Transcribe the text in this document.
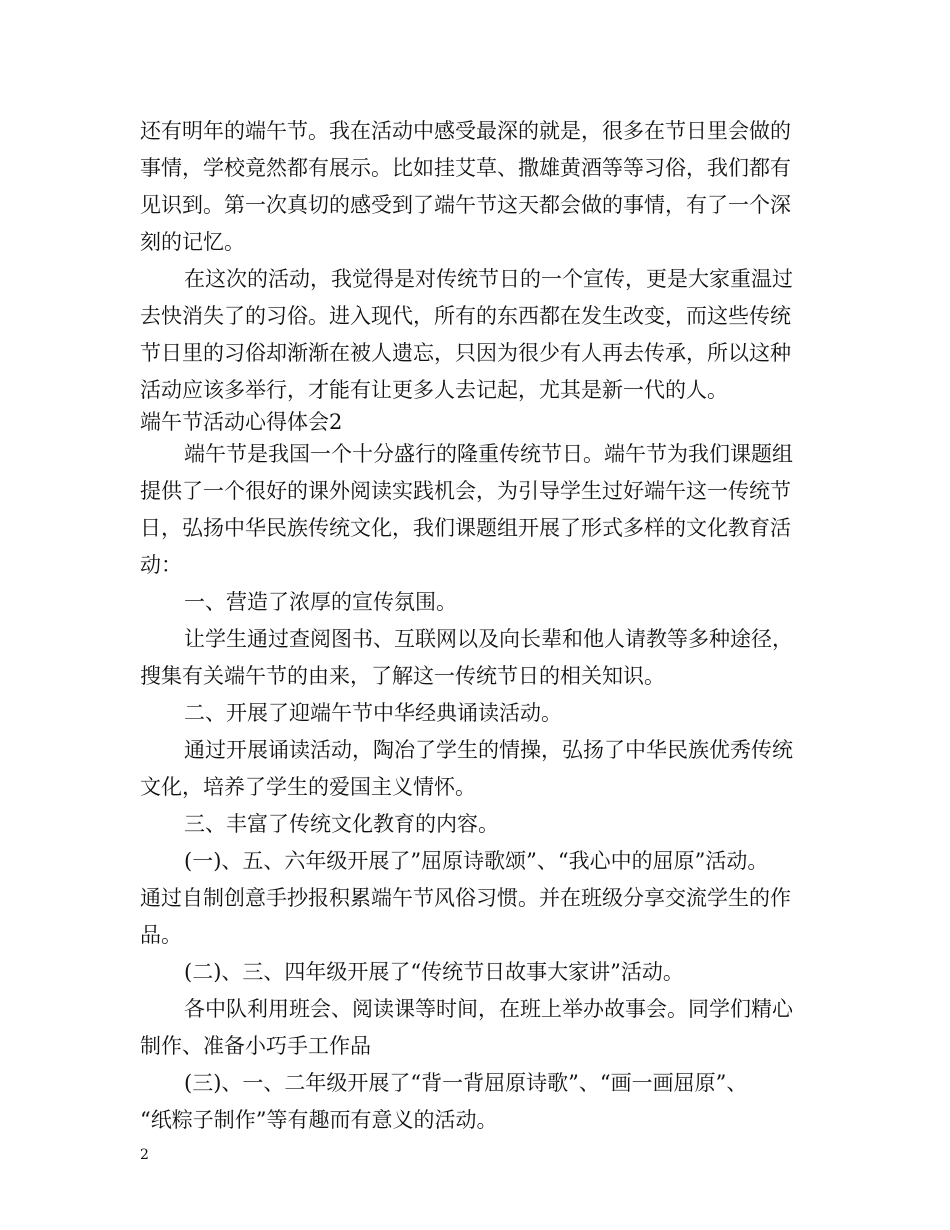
还有明年的端午节。我在活动中感受最深的就是，很多在节日里会做的
事情，学校竟然都有展示。比如挂艾草、撒雄黄酒等等习俗，我们都有
见识到。第一次真切的感受到了端午节这天都会做的事情，有了一个深
刻的记忆。
在这次的活动，我觉得是对传统节日的一个宣传，更是大家重温过
去快消失了的习俗。进入现代，所有的东西都在发生改变，而这些传统
节日里的习俗却渐渐在被人遗忘，只因为很少有人再去传承，所以这种
活动应该多举行，才能有让更多人去记起，尤其是新一代的人。
端午节活动心得体会2
端午节是我国一个十分盛行的隆重传统节日。端午节为我们课题组
提供了一个很好的课外阅读实践机会，为引导学生过好端午这一传统节
日，弘扬中华民族传统文化，我们课题组开展了形式多样的文化教育活
动：
一、营造了浓厚的宣传氛围。
让学生通过查阅图书、互联网以及向长辈和他人请教等多种途径，
搜集有关端午节的由来，了解这一传统节日的相关知识。
二、开展了迎端午节中华经典诵读活动。
通过开展诵读活动，陶冶了学生的情操，弘扬了中华民族优秀传统
文化，培养了学生的爱国主义情怀。
三、丰富了传统文化教育的内容。
(一)、五、六年级开展了”屈原诗歌颂”、“我心中的屈原”活动。
通过自制创意手抄报积累端午节风俗习惯。并在班级分享交流学生的作
品。
(二)、三、四年级开展了“传统节日故事大家讲”活动。
各中队利用班会、阅读课等时间，在班上举办故事会。同学们精心
制作、准备小巧手工作品
(三)、一、二年级开展了“背一背屈原诗歌”、“画一画屈原”、
“纸粽子制作”等有趣而有意义的活动。
2
